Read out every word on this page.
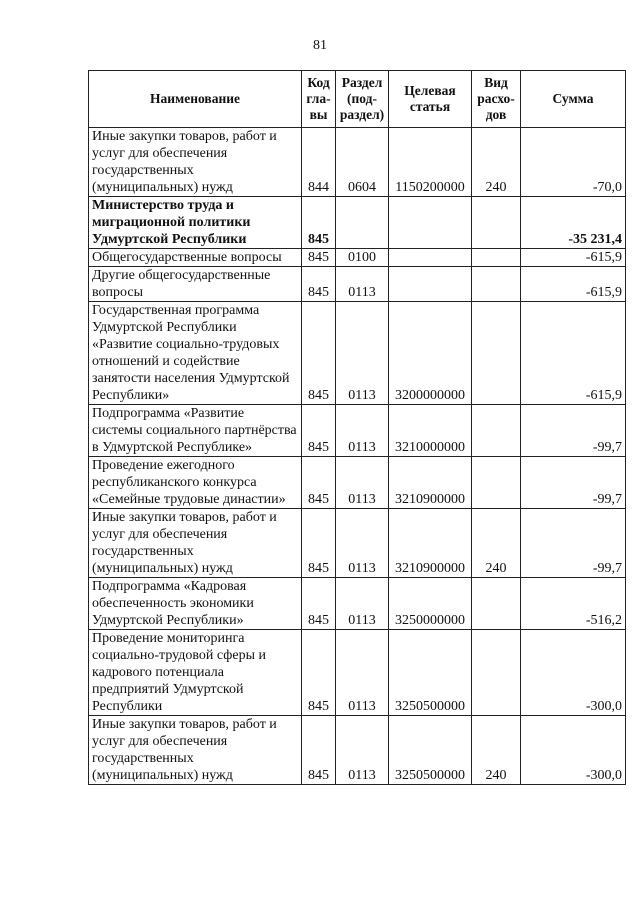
81
Наименование	Код гла-вы	Раздел (под-раздел)	Целевая статья	Вид расхо-дов	Сумма
Иные закупки товаров, работ и услуг для обеспечения государственных (муниципальных) нужд	844	0604	1150200000	240	-70,0
Министерство труда и миграционной политики Удмуртской Республики	845				-35 231,4
Общегосударственные вопросы	845	0100			-615,9
Другие общегосударственные вопросы	845	0113			-615,9
Государственная программа Удмуртской Республики «Развитие социально-трудовых отношений и содействие занятости населения Удмуртской Республики»	845	0113	3200000000		-615,9
Подпрограмма «Развитие системы социального партнёрства в Удмуртской Республике»	845	0113	3210000000		-99,7
Проведение ежегодного республиканского конкурса «Семейные трудовые династии»	845	0113	3210900000		-99,7
Иные закупки товаров, работ и услуг для обеспечения государственных (муниципальных) нужд	845	0113	3210900000	240	-99,7
Подпрограмма «Кадровая обеспеченность экономики Удмуртской Республики»	845	0113	3250000000		-516,2
Проведение мониторинга социально-трудовой сферы и кадрового потенциала предприятий Удмуртской Республики	845	0113	3250500000		-300,0
Иные закупки товаров, работ и услуг для обеспечения государственных (муниципальных) нужд	845	0113	3250500000	240	-300,0
